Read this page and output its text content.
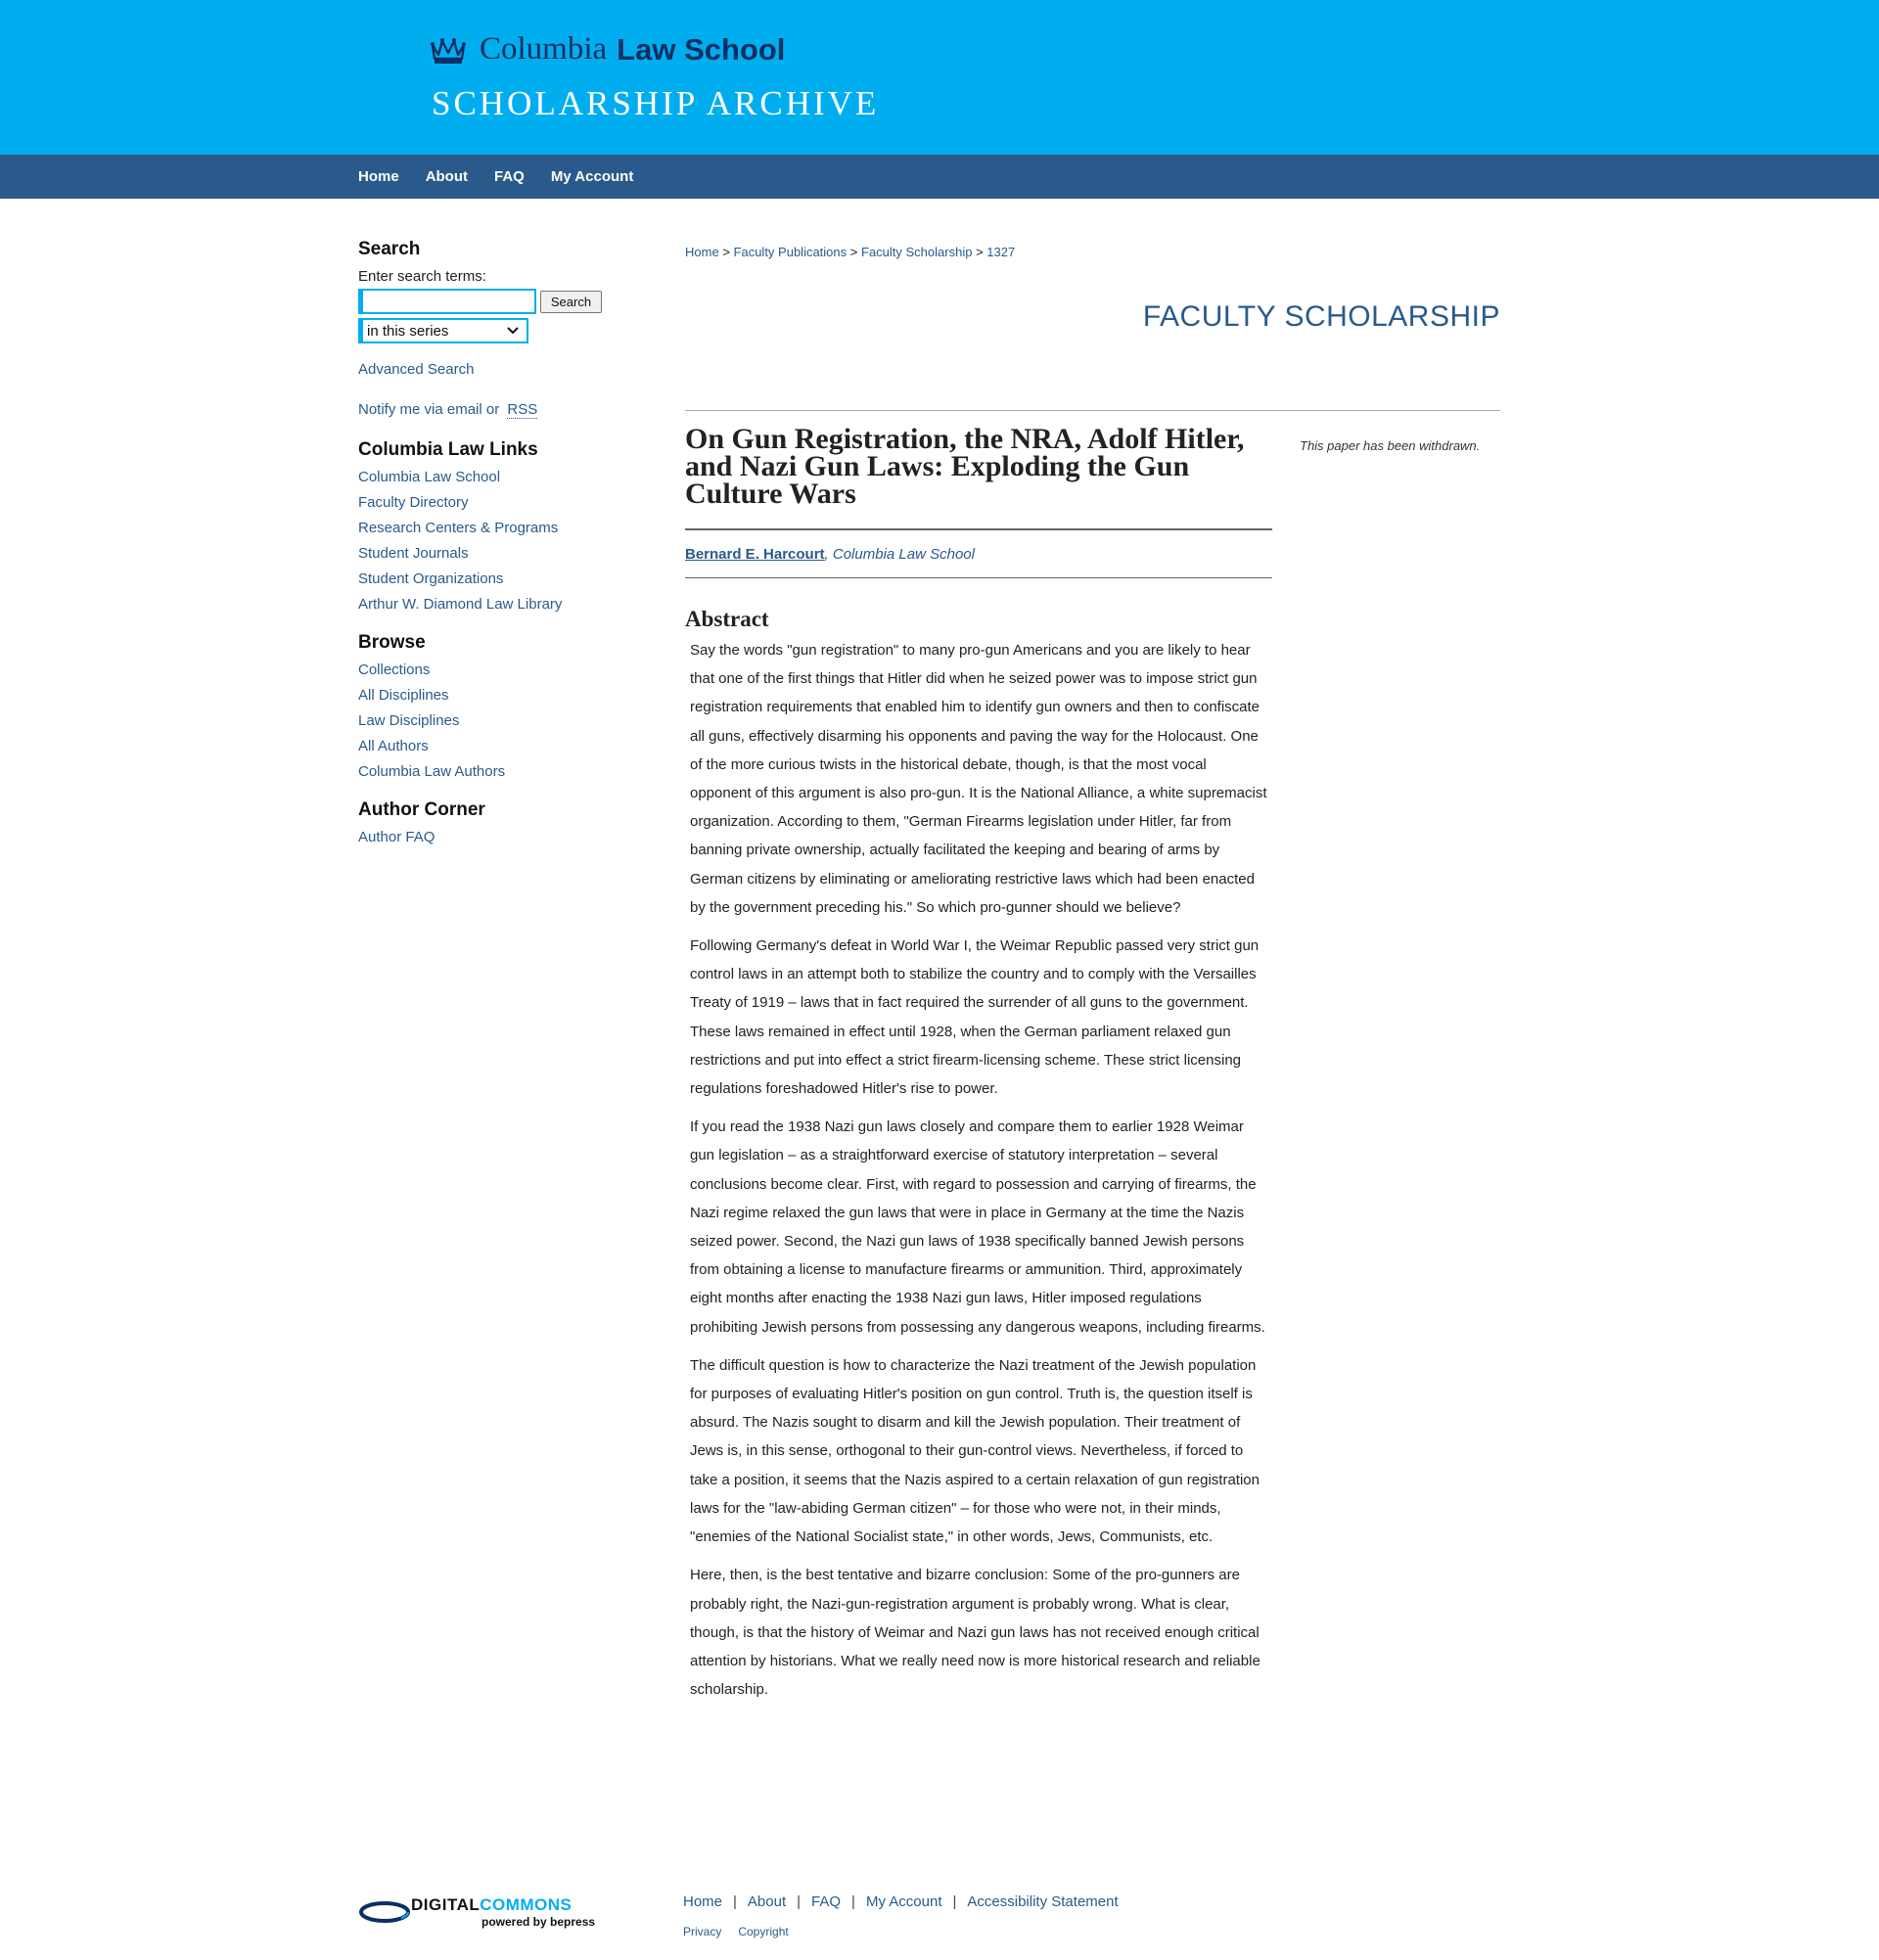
Columbia Law School
SCHOLARSHIP ARCHIVE
Home About FAQ My Account
Search
Enter search terms:
Search
in this series
Advanced Search
Notify me via email or RSS
Columbia Law Links
Columbia Law School
Faculty Directory
Research Centers & Programs
Student Journals
Student Organizations
Arthur W. Diamond Law Library
Browse
Collections
All Disciplines
Law Disciplines
All Authors
Columbia Law Authors
Author Corner
Author FAQ
Home > Faculty Publications > Faculty Scholarship > 1327
FACULTY SCHOLARSHIP
On Gun Registration, the NRA, Adolf Hitler, and Nazi Gun Laws: Exploding the Gun Culture Wars
This paper has been withdrawn.
Bernard E. Harcourt, Columbia Law School
Abstract

Say the words "gun registration" to many pro-gun Americans and you are likely to hear that one of the first things that Hitler did when he seized power was to impose strict gun registration requirements that enabled him to identify gun owners and then to confiscate all guns, effectively disarming his opponents and paving the way for the Holocaust. One of the more curious twists in the historical debate, though, is that the most vocal opponent of this argument is also pro-gun. It is the National Alliance, a white supremacist organization. According to them, "German Firearms legislation under Hitler, far from banning private ownership, actually facilitated the keeping and bearing of arms by German citizens by eliminating or ameliorating restrictive laws which had been enacted by the government preceding his." So which pro-gunner should we believe?

Following Germany's defeat in World War I, the Weimar Republic passed very strict gun control laws in an attempt both to stabilize the country and to comply with the Versailles Treaty of 1919 – laws that in fact required the surrender of all guns to the government. These laws remained in effect until 1928, when the German parliament relaxed gun restrictions and put into effect a strict firearm-licensing scheme. These strict licensing regulations foreshadowed Hitler's rise to power.

If you read the 1938 Nazi gun laws closely and compare them to earlier 1928 Weimar gun legislation – as a straightforward exercise of statutory interpretation – several conclusions become clear. First, with regard to possession and carrying of firearms, the Nazi regime relaxed the gun laws that were in place in Germany at the time the Nazis seized power. Second, the Nazi gun laws of 1938 specifically banned Jewish persons from obtaining a license to manufacture firearms or ammunition. Third, approximately eight months after enacting the 1938 Nazi gun laws, Hitler imposed regulations prohibiting Jewish persons from possessing any dangerous weapons, including firearms.

The difficult question is how to characterize the Nazi treatment of the Jewish population for purposes of evaluating Hitler's position on gun control. Truth is, the question itself is absurd. The Nazis sought to disarm and kill the Jewish population. Their treatment of Jews is, in this sense, orthogonal to their gun-control views. Nevertheless, if forced to take a position, it seems that the Nazis aspired to a certain relaxation of gun registration laws for the "law-abiding German citizen" – for those who were not, in their minds, "enemies of the National Socialist state," in other words, Jews, Communists, etc.

Here, then, is the best tentative and bizarre conclusion: Some of the pro-gunners are probably right, the Nazi-gun-registration argument is probably wrong. What is clear, though, is that the history of Weimar and Nazi gun laws has not received enough critical attention by historians. What we really need now is more historical research and reliable scholarship.

DIGITALCOMMONS
powered by bepress
Home | About | FAQ | My Account | Accessibility Statement
Privacy Copyright
